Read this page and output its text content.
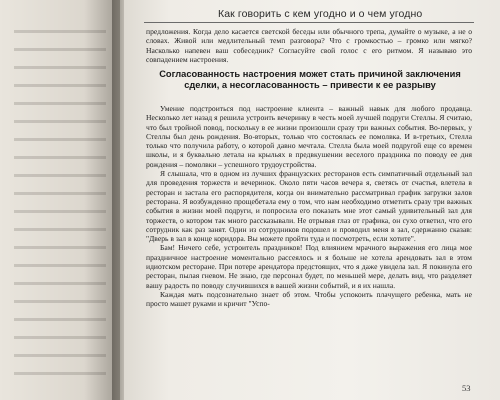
Как говорить с кем угодно и о чем угодно

предложения. Когда дело касается светской беседы или обычного трепа, думайте о музыке, а не о словах. Живой или медлительный темп разговора? Что с громкостью – громко или мягко? Насколько напевен ваш собеседник? Согласуйте свой голос с его ритмом. Я называю это совпадением настроения.

Согласованность настроения может стать причиной заключения сделки, а несогласованность – привести к ее разрыву

Умение подстроиться под настроение клиента – важный навык для любого продавца. Несколько лет назад я решила устроить вечеринку в честь моей лучшей подруги Стеллы. Я считаю, что был тройной повод, поскольку в ее жизни произошли сразу три важных события. Во-первых, у Стеллы был день рождения. Во-вторых, только что состоялась ее помолвка. И в-третьих, Стелла только что получила работу, о которой давно мечтала. Стелла была моей подругой еще со времен школы, и я буквально летала на крыльях в предвкушении веселого праздника по поводу ее дня рождения – помолвки – успешного трудоустройства.

Я слышала, что в одном из лучших французских ресторанов есть симпатичный отдельный зал для проведения торжеств и вечеринок. Около пяти часов вечера я, светясь от счастья, влетела в ресторан и застала его распорядителя, когда он внимательно рассматривал график загрузки залов ресторана. Я возбужденно прощебетала ему о том, что нам необходимо отметить сразу три важных события в жизни моей подруги, и попросила его показать мне этот самый удивительный зал для торжеств, о котором так много рассказывали. Не отрывая глаз от графика, он сухо ответил, что его сотрудник как раз занят. Один из сотрудников подошел и проводил меня в зал, сдержанно сказав: "Дверь в зал в конце коридора. Вы можете пройти туда и посмотреть, если хотите".

Бам! Ничего себе, устроитель праздников! Под влиянием мрачного выражения его лица мое праздничное настроение моментально рассеялось и я больше не хотела арендовать зал в этом идиотском ресторане. При потере арендатора предстоящих, что я даже увидела зал. Я покинула его ресторан, пылая гневом. Не знаю, где персонал будет, по меньшей мере, делать вид, что разделяет вашу радость по поводу случившихся в вашей жизни событий, и я их нашла.

Каждая мать подсознательно знает об этом. Чтобы успокоить плачущего ребенка, мать не просто машет руками и кричит "Успо-

53
